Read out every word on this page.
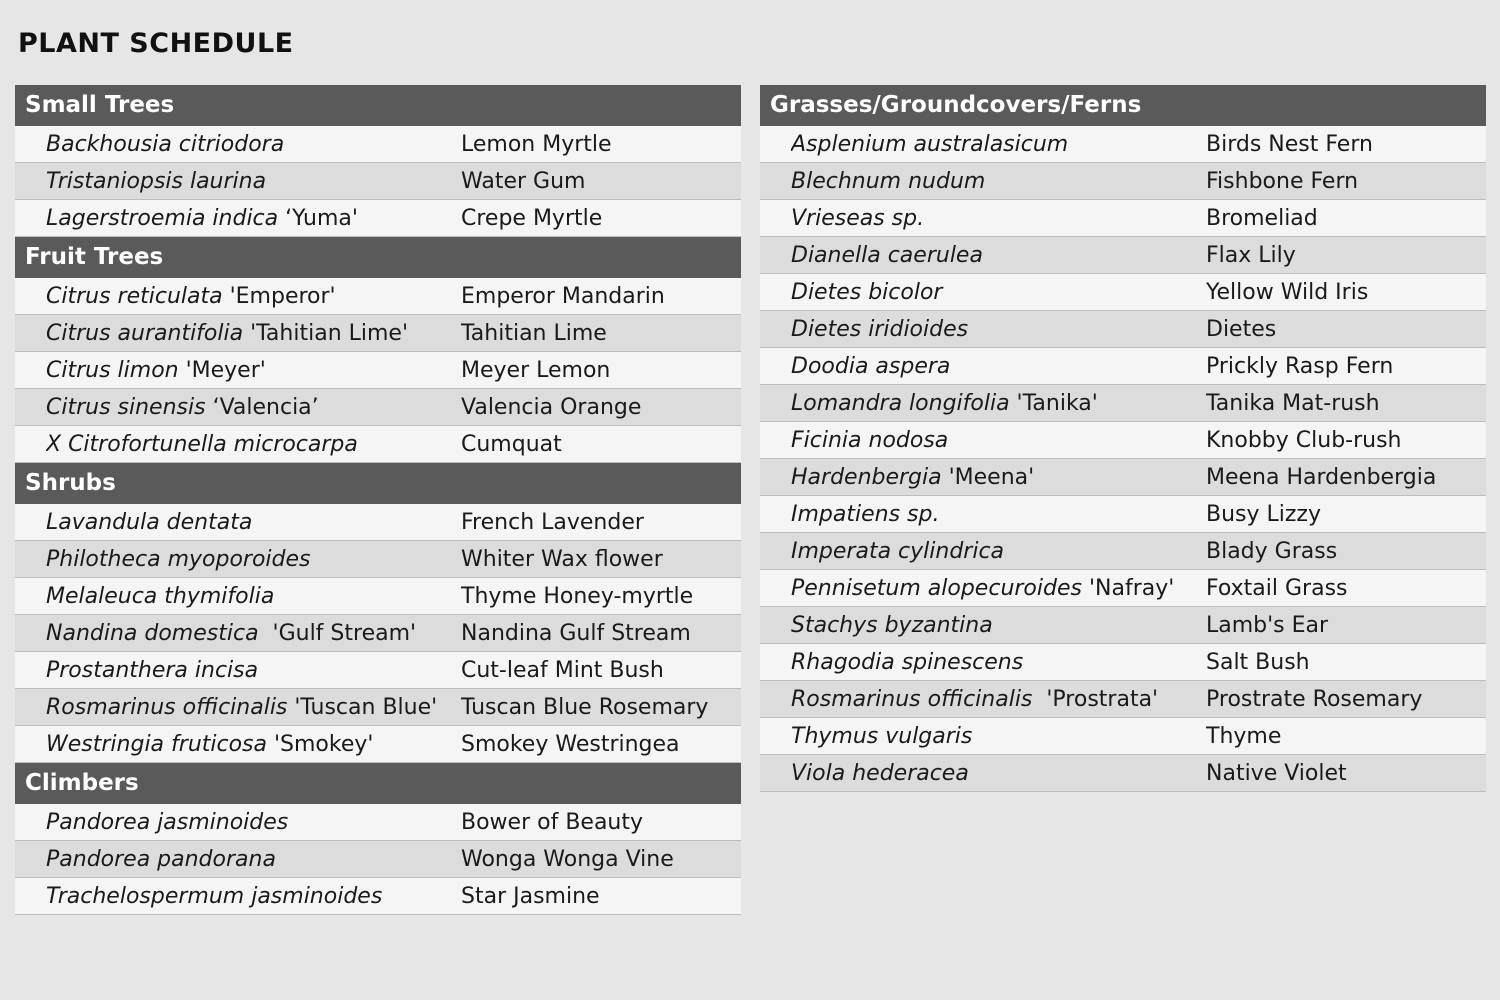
PLANT SCHEDULE
Small Trees
Backhousia citriodora	Lemon Myrtle
Tristaniopsis laurina	Water Gum
Lagerstroemia indica ‘Yuma'	Crepe Myrtle
Fruit Trees
Citrus reticulata 'Emperor'	Emperor Mandarin
Citrus aurantifolia 'Tahitian Lime'	Tahitian Lime
Citrus limon 'Meyer'	Meyer Lemon
Citrus sinensis ‘Valencia’	Valencia Orange
X Citrofortunella microcarpa	Cumquat
Shrubs
Lavandula dentata	French Lavender
Philotheca myoporoides	Whiter Wax flower
Melaleuca thymifolia	Thyme Honey-myrtle
Nandina domestica  'Gulf Stream'	Nandina Gulf Stream
Prostanthera incisa	Cut-leaf Mint Bush
Rosmarinus officinalis 'Tuscan Blue'	Tuscan Blue Rosemary
Westringia fruticosa 'Smokey'	Smokey Westringea
Climbers
Pandorea jasminoides	Bower of Beauty
Pandorea pandorana	Wonga Wonga Vine
Trachelospermum jasminoides	Star Jasmine
Grasses/Groundcovers/Ferns
Asplenium australasicum	Birds Nest Fern
Blechnum nudum	Fishbone Fern
Vrieseas sp.	Bromeliad
Dianella caerulea	Flax Lily
Dietes bicolor	Yellow Wild Iris
Dietes iridioides	Dietes
Doodia aspera	Prickly Rasp Fern
Lomandra longifolia 'Tanika'	Tanika Mat-rush
Ficinia nodosa	Knobby Club-rush
Hardenbergia 'Meena'	Meena Hardenbergia
Impatiens sp.	Busy Lizzy
Imperata cylindrica	Blady Grass
Pennisetum alopecuroides 'Nafray'	Foxtail Grass
Stachys byzantina	Lamb's Ear
Rhagodia spinescens	Salt Bush
Rosmarinus officinalis  'Prostrata'	Prostrate Rosemary
Thymus vulgaris	Thyme
Viola hederacea	Native Violet
